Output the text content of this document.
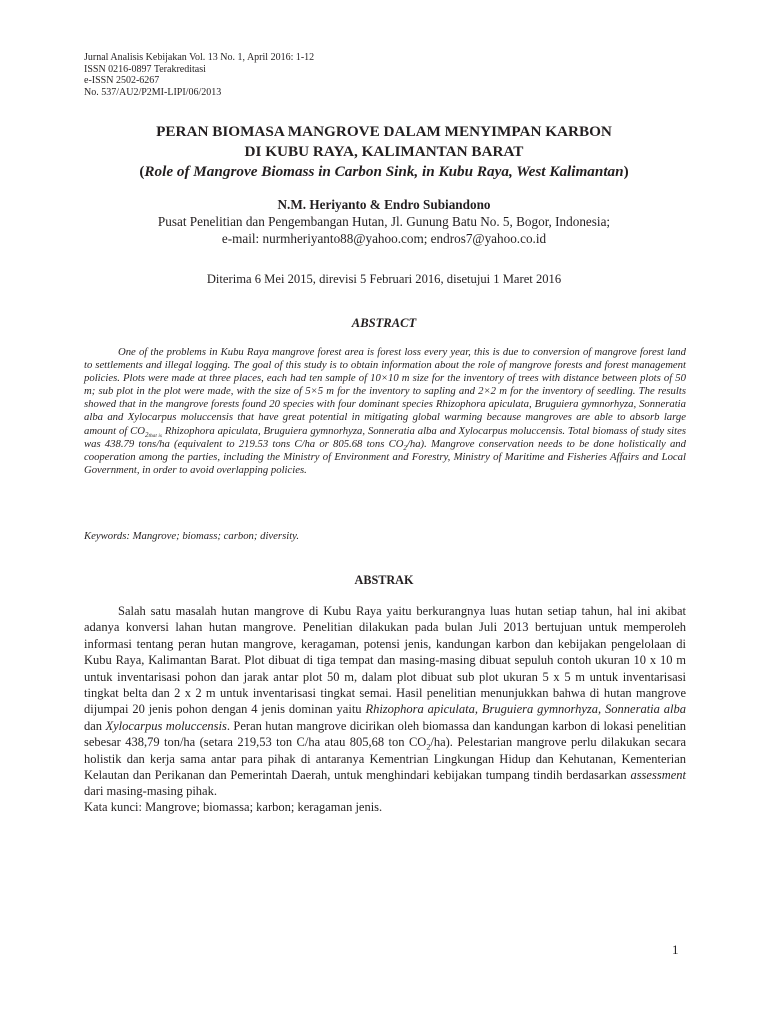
Jurnal Analisis Kebijakan Vol. 13 No. 1, April 2016: 1-12
ISSN 0216-0897 Terakreditasi
e-ISSN 2502-6267
No. 537/AU2/P2MI-LIPI/06/2013
PERAN BIOMASA MANGROVE DALAM MENYIMPAN KARBON
DI KUBU RAYA, KALIMANTAN BARAT
(Role of Mangrove Biomass in Carbon Sink, in Kubu Raya, West Kalimantan)
N.M. Heriyanto & Endro Subiandono
Pusat Penelitian dan Pengembangan Hutan, Jl. Gunung Batu No. 5, Bogor, Indonesia;
e-mail: nurmheriyanto88@yahoo.com; endros7@yahoo.co.id
Diterima 6 Mei 2015, direvisi 5 Februari 2016, disetujui 1 Maret 2016
ABSTRACT

One of the problems in Kubu Raya mangrove forest area is forest loss every year, this is due to conversion of mangrove forest land to settlements and illegal logging. The goal of this study is to obtain information about the role of mangrove forests and forest management policies. Plots were made at three places, each had ten sample of 10×10 m size for the inventory of trees with distance between plots of 50 m; sub plot in the plot were made, with the size of 5×5 m for the inventory to sapling and 2×2 m for the inventory of seedling. The results showed that in the mangrove forests found 20 species with four dominant species Rhizophora apiculata, Bruguiera gymnorhyza, Sonneratia alba and Xylocarpus moluccensis that have great potential in mitigating global warming because mangroves are able to absorb large amount of $CO_{2that is}$ Rhizophora apiculata, Bruguiera gymnorhyza, Sonneratia alba and Xylocarpus moluccensis. Total biomass of study sites was 438.79 tons/ha (equivalent to 219.53 tons C/ha or 805.68 tons $CO_2/ha$). Mangrove conservation needs to be done holistically and cooperation among the parties, including the Ministry of Environment and Forestry, Ministry of Maritime and Fisheries Affairs and Local Government, in order to avoid overlapping policies.

Keywords: Mangrove; biomass; carbon; diversity.
ABSTRAK

Salah satu masalah hutan mangrove di Kubu Raya yaitu berkurangnya luas hutan setiap tahun, hal ini akibat adanya konversi lahan hutan mangrove. Penelitian dilakukan pada bulan Juli 2013 bertujuan untuk memperoleh informasi tentang peran hutan mangrove, keragaman, potensi jenis, kandungan karbon dan kebijakan pengelolaan di Kubu Raya, Kalimantan Barat. Plot dibuat di tiga tempat dan masing-masing dibuat sepuluh contoh ukuran 10 x 10 m untuk inventarisasi pohon dan jarak antar plot 50 m, dalam plot dibuat sub plot ukuran 5 x 5 m untuk inventarisasi tingkat belta dan 2 x 2 m untuk inventarisasi tingkat semai. Hasil penelitian menunjukkan bahwa di hutan mangrove dijumpai 20 jenis pohon dengan 4 jenis dominan yaitu Rhizophora apiculata, Bruguiera gymnorhyza, Sonneratia alba dan Xylocarpus moluccensis. Peran hutan mangrove dicirikan oleh biomassa dan kandungan karbon di lokasi penelitian sebesar 438,79 ton/ha (setara 219,53 ton C/ha atau 805,68 ton $CO_2/ha$). Pelestarian mangrove perlu dilakukan secara holistik dan kerja sama antar para pihak di antaranya Kementrian Lingkungan Hidup dan Kehutanan, Kementerian Kelautan dan Perikanan dan Pemerintah Daerah, untuk menghindari kebijakan tumpang tindih berdasarkan assessment dari masing-masing pihak.

Kata kunci: Mangrove; biomassa; karbon; keragaman jenis.
1
